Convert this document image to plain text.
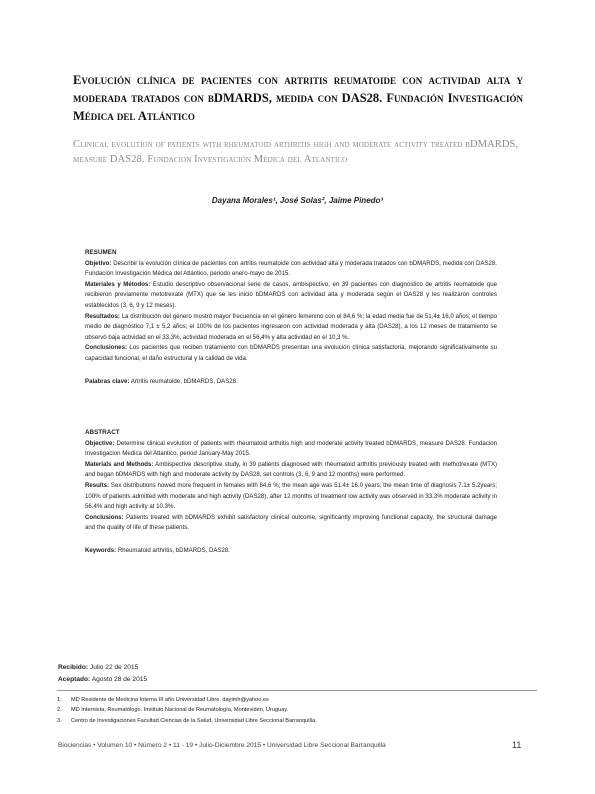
Evolución clínica de pacientes con artritis reumatoide con actividad alta y moderada tratados con bDMARDS, medida con DAS28. Fundación Investigación Médica del Atlántico
Clinical evolution of patients with rheumatoid arthritis high and moderate activity treated bDMARDS, measure DAS28. Fundacion Investigación Médica del Atlantico
Dayana Morales¹, José Solas², Jaime Pinedo³
RESUMEN
Objetivo: Describir la evolución clínica de pacientes con artritis reumatoide con actividad alta y moderada tratados con bDMARDS, medida con DAS28. Fundación Investigación Médica del Atlántico, periodo enero-mayo de 2015.
Materiales y Métodos: Estudio descriptivo observacional serie de casos, ambispectivo, en 39 pacientes con diagnóstico de artritis reumatoide que recibieron previamente metotrexate (MTX) que se les inició bDMARDS con actividad alta y moderada según el DAS28 y les realizaron controles establecidos (3, 6, 9 y 12 meses).
Resultados: La distribución del género mostró mayor frecuencia en el género femenino con el 84,6 %; la edad media fue de 51,4± 16,0 años; el tiempo medio de diagnóstico 7,1 ± 5,2 años; el 100% de los pacientes ingresaron con actividad moderada y alta (DAS28), a los 12 meses de tratamiento se observó baja actividad en el 33,3%, actividad moderada en el 56,4% y alta actividad en el 10,3 %.
Conclusiones: Los pacientes que reciben tratamiento con bDMARDS presentan una evolución clínica satisfactoria, mejorando significativamente su capacidad funcional, el daño estructural y la calidad de vida.
Palabras clave: Artritis reumatoide, bDMARDS, DAS28.
ABSTRACT
Objective: Determine clinical evolution of patients with rheumatoid arthritis high and moderate activity treated bDMARDS, measure DAS28. Fundacion Investigacion Medica del Atlantico, period January-May 2015.
Materials and Methods: Ambispective descriptive study, in 39 patients diagnosed with rheumatoid arthritis previously treated with methotrexate (MTX) and began bDMARDS with high and moderate activity by DAS28, set controls (3, 6, 9 and 12 months) were performed.
Results: Sex distributions howed more frequent in females with 84.6 %; the mean age was 51.4± 16.0 years; the mean time of diagnosis 7.1± 5.2years; 100% of patients admitted with moderate and high activity (DAS28), after 12 months of treatment low activity was observed in 33.3% moderate activity in 56.4% and high activity at 10.3%.
Conclusions: Patients treated with bDMARDS exhibit satisfactory clinical outcome, significantly improving functional capacity, the structural damage and the quality of life of these patients.
Keywords: Rheumatoid arthritis, bDMARDS, DAS28.
Recibido: Julio 22 de 2015
Aceptado: Agosto 28 de 2015
1. MD Residente de Medicina Interna III año Universidad Libre. dayimh@yahoo.es
2. MD Internista, Reumatólogo. Instituto Nacional de Reumatología, Montevideo, Uruguay.
3. Centro de Investigaciones Facultad Ciencias de la Salud, Universidad Libre Seccional Barranquilla.
Biociencias • Volumen 10 • Número 2 • 11 - 19 • Julio-Diciembre 2015 • Universidad Libre Seccional Barranquilla	11
